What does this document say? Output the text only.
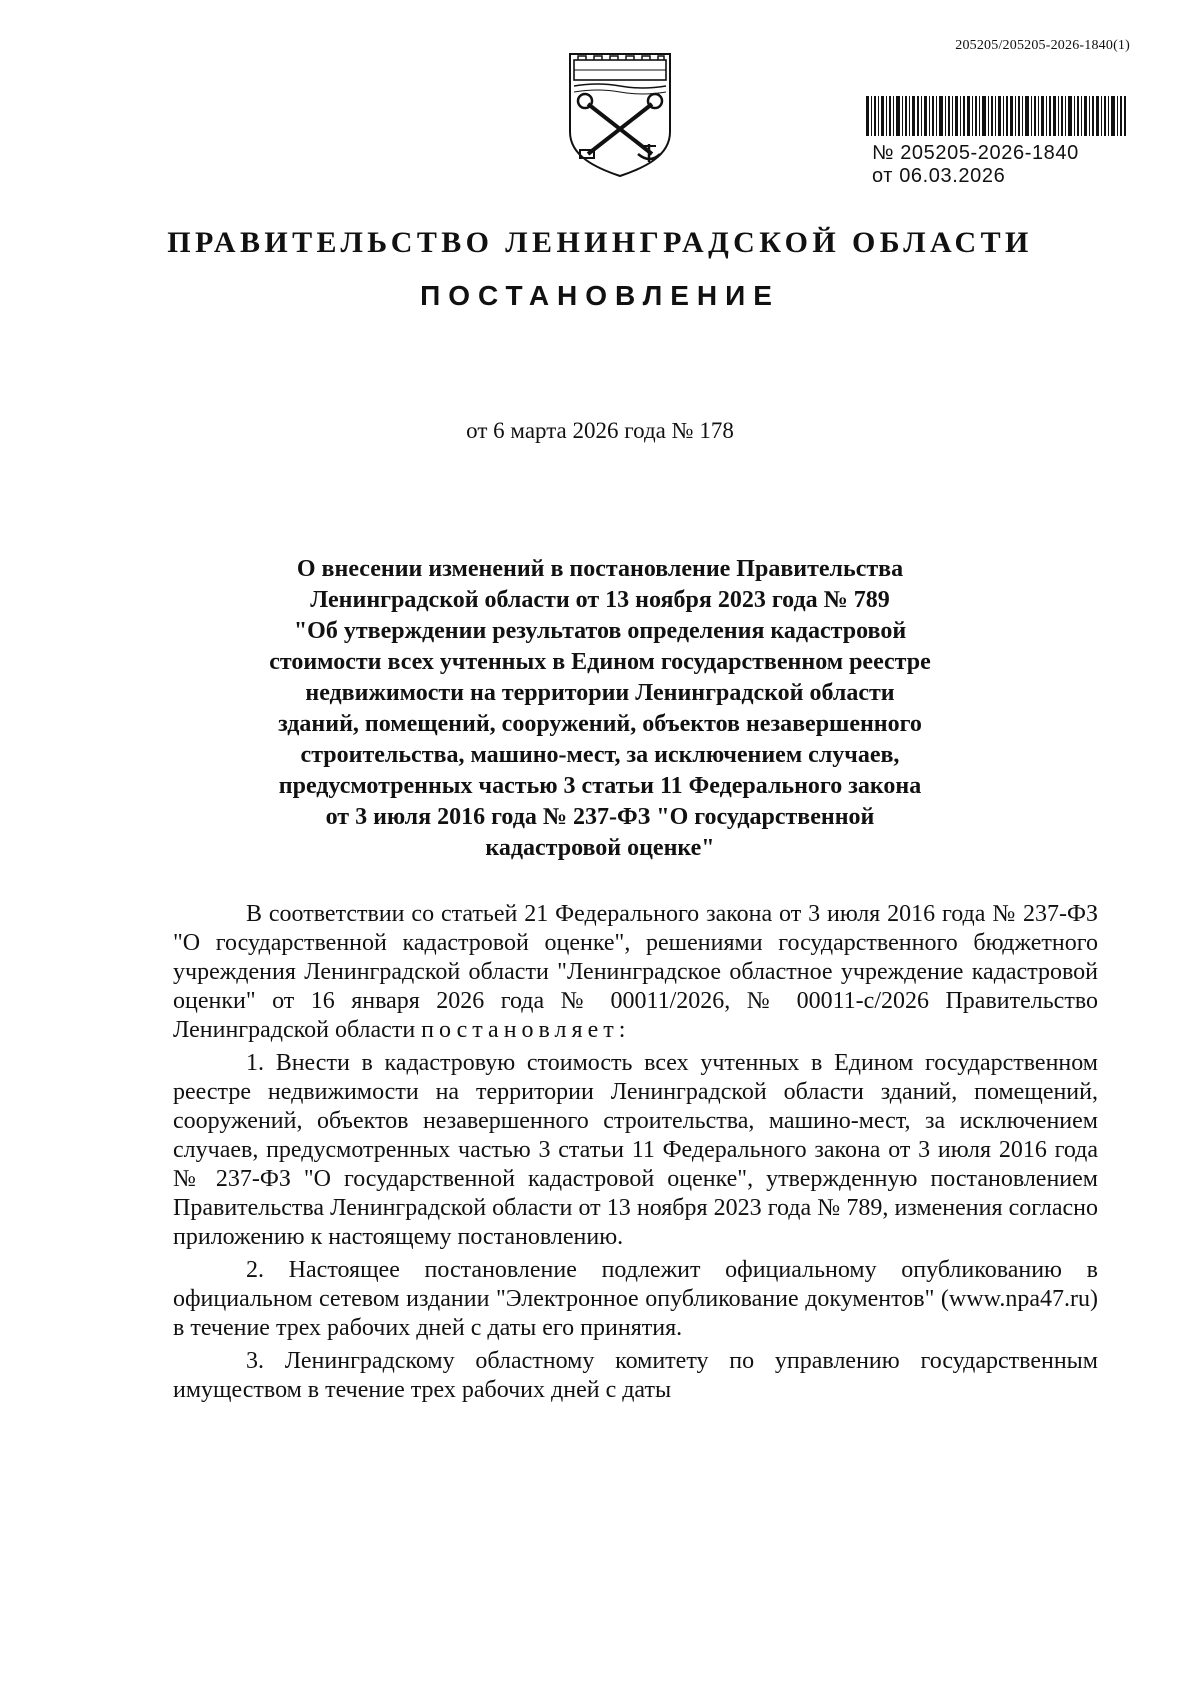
205205/205205-2026-1840(1)
№ 205205-2026-1840
от 06.03.2026
ПРАВИТЕЛЬСТВО ЛЕНИНГРАДСКОЙ ОБЛАСТИ
ПОСТАНОВЛЕНИЕ
от 6 марта 2026 года № 178
О внесении изменений в постановление Правительства
Ленинградской области от 13 ноября 2023 года № 789
"Об утверждении результатов определения кадастровой
стоимости всех учтенных в Едином государственном реестре
недвижимости на территории Ленинградской области
зданий, помещений, сооружений, объектов незавершенного
строительства, машино-мест, за исключением случаев,
предусмотренных частью 3 статьи 11 Федерального закона
от 3 июля 2016 года № 237-ФЗ "О государственной
кадастровой оценке"

В соответствии со статьей 21 Федерального закона от 3 июля 2016 года № 237-ФЗ "О государственной кадастровой оценке", решениями государственного бюджетного учреждения Ленинградской области "Ленинградское областное учреждение кадастровой оценки" от 16 января 2026 года № 00011/2026, № 00011-с/2026 Правительство Ленинградской области постановляет:

1. Внести в кадастровую стоимость всех учтенных в Едином государственном реестре недвижимости на территории Ленинградской области зданий, помещений, сооружений, объектов незавершенного строительства, машино-мест, за исключением случаев, предусмотренных частью 3 статьи 11 Федерального закона от 3 июля 2016 года № 237-ФЗ "О государственной кадастровой оценке", утвержденную постановлением Правительства Ленинградской области от 13 ноября 2023 года № 789, изменения согласно приложению к настоящему постановлению.

2. Настоящее постановление подлежит официальному опубликованию в официальном сетевом издании "Электронное опубликование документов" (www.npa47.ru) в течение трех рабочих дней с даты его принятия.

3. Ленинградскому областному комитету по управлению государственным имуществом в течение трех рабочих дней с даты
